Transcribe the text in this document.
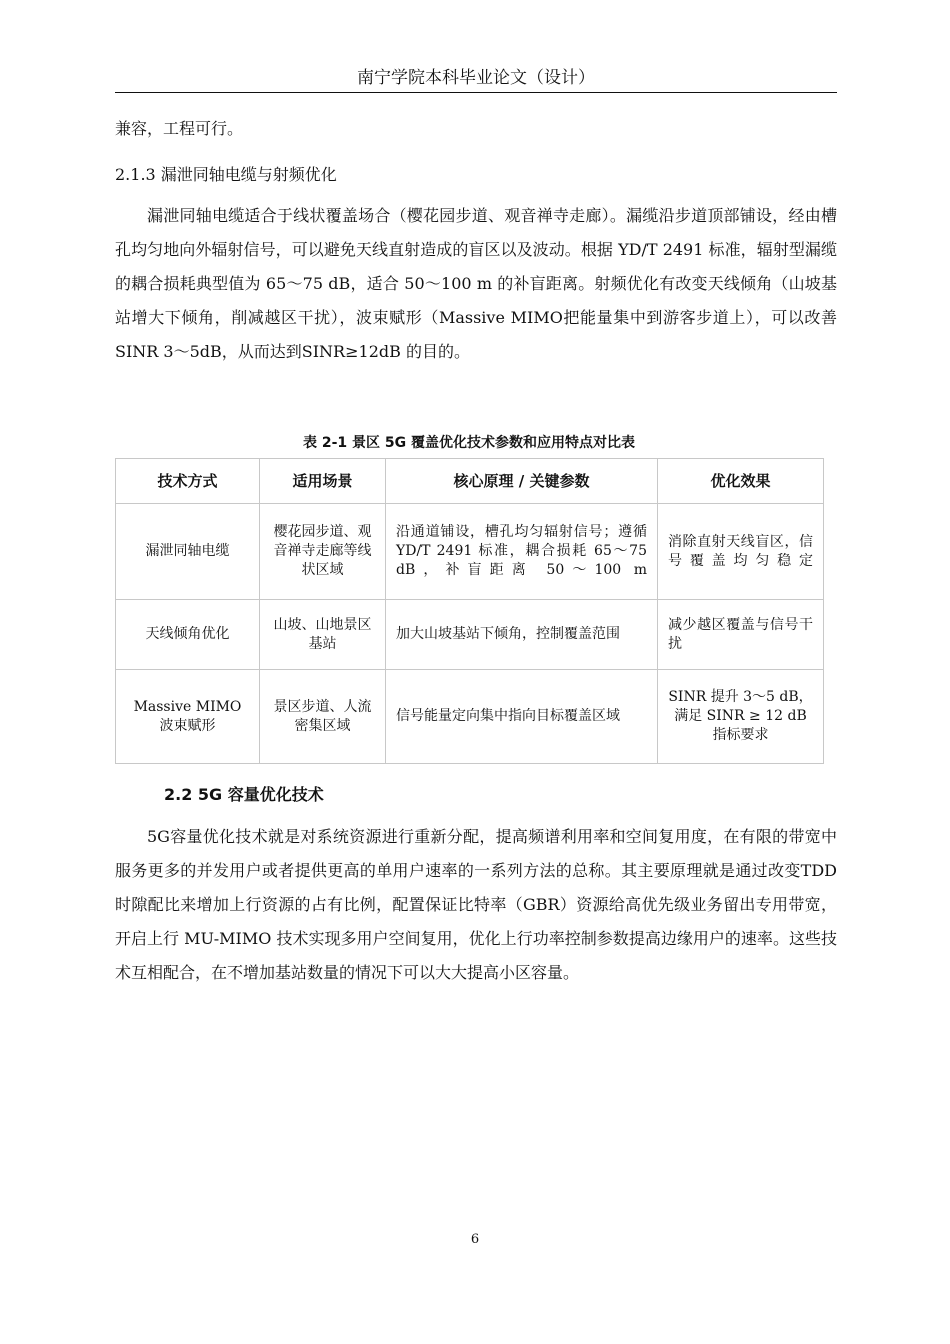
南宁学院本科毕业论文（设计）

兼容，工程可行。

2.1.3 漏泄同轴电缆与射频优化

漏泄同轴电缆适合于线状覆盖场合（樱花园步道、观音禅寺走廊）。漏缆沿步道顶部铺设，经由槽孔均匀地向外辐射信号，可以避免天线直射造成的盲区以及波动。根据 YD/T 2491 标准，辐射型漏缆的耦合损耗典型值为 65～75 dB，适合 50～100 m 的补盲距离。射频优化有改变天线倾角（山坡基站增大下倾角，削减越区干扰），波束赋形（Massive MIMO把能量集中到游客步道上），可以改善 SINR 3～5dB，从而达到SINR≥12dB 的目的。

表 2-1 景区 5G 覆盖优化技术参数和应用特点对比表
技术方式	适用场景	核心原理 / 关键参数	优化效果
漏泄同轴电缆	樱花园步道、观音禅寺走廊等线状区域	沿通道铺设，槽孔均匀辐射信号；遵循 YD/T 2491 标准，耦合损耗 65～75 dB，补盲距离 50～100 m	消除直射天线盲区，信号覆盖均匀稳定
天线倾角优化	山坡、山地景区基站	加大山坡基站下倾角，控制覆盖范围	减少越区覆盖与信号干扰
Massive MIMO 波束赋形	景区步道、人流密集区域	信号能量定向集中指向目标覆盖区域	SINR 提升 3～5 dB，满足 SINR ≥ 12 dB 指标要求
2.2 5G 容量优化技术

5G容量优化技术就是对系统资源进行重新分配，提高频谱利用率和空间复用度，在有限的带宽中服务更多的并发用户或者提供更高的单用户速率的一系列方法的总称。其主要原理就是通过改变TDD时隙配比来增加上行资源的占有比例，配置保证比特率（GBR）资源给高优先级业务留出专用带宽，开启上行 MU-MIMO 技术实现多用户空间复用，优化上行功率控制参数提高边缘用户的速率。这些技术互相配合，在不增加基站数量的情况下可以大大提高小区容量。

6
